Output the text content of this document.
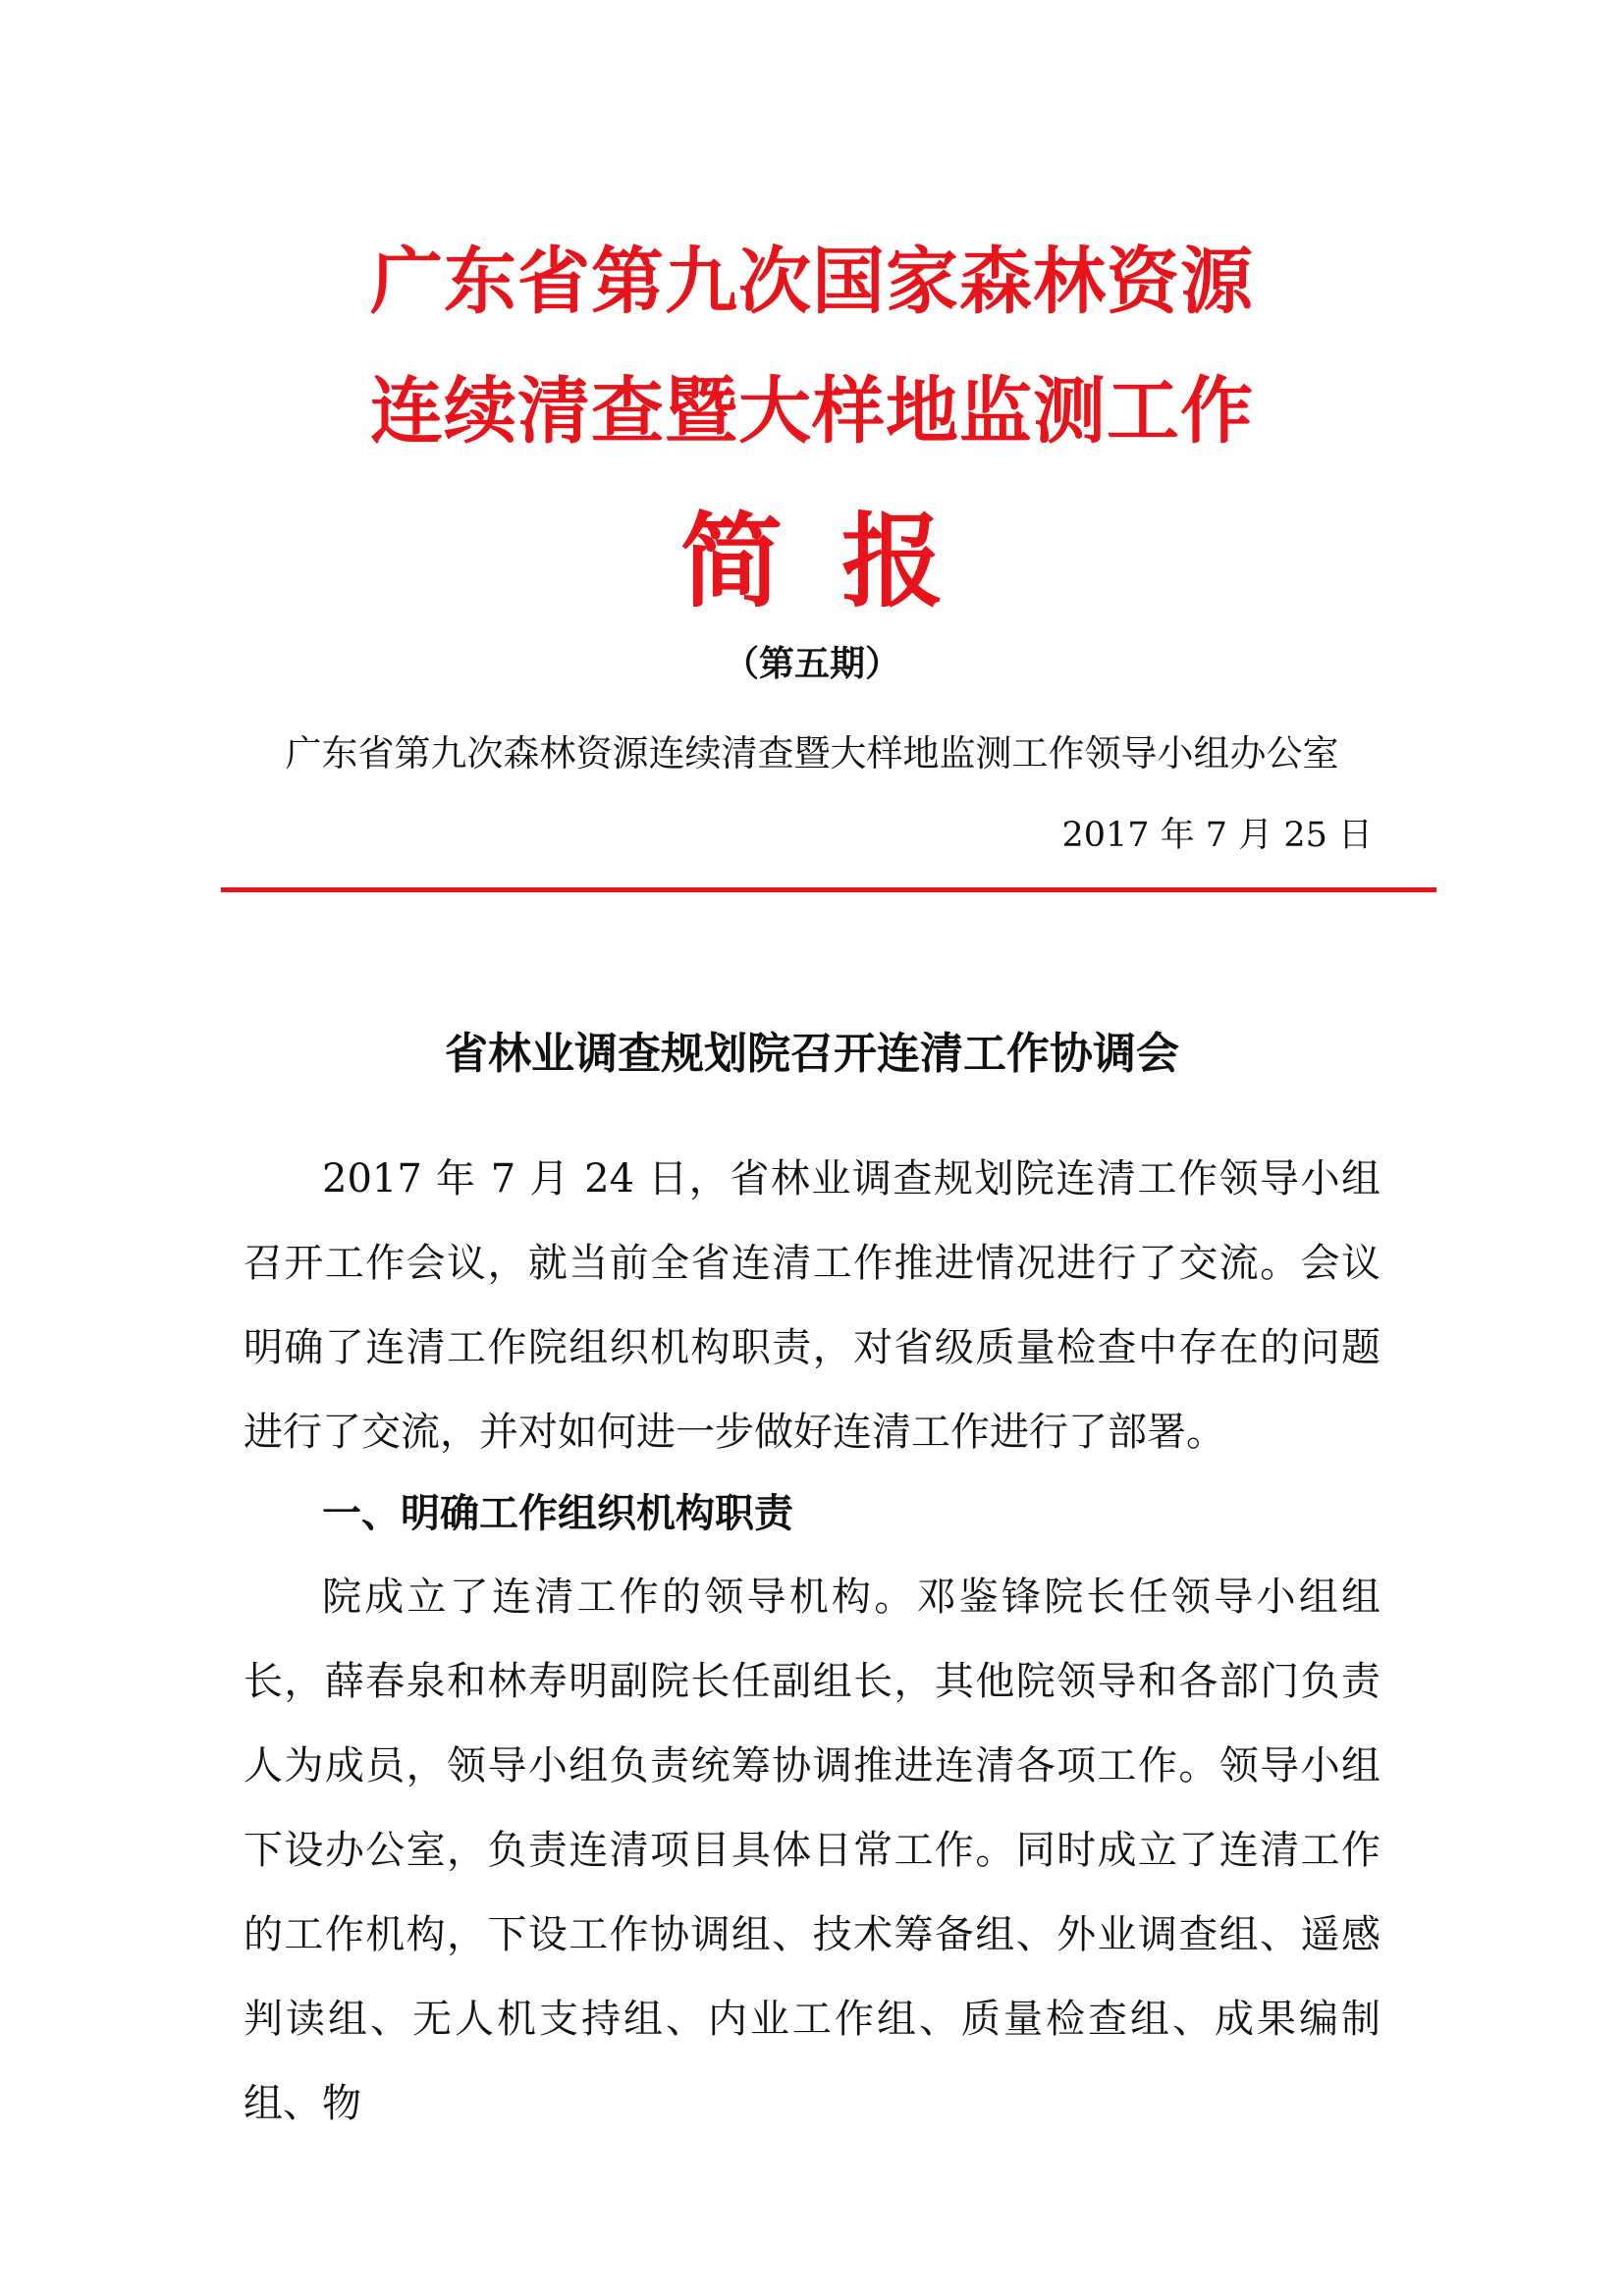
广东省第九次国家森林资源
连续清查暨大样地监测工作
简报
（第五期）
广东省第九次森林资源连续清查暨大样地监测工作领导小组办公室
2017 年 7 月 25 日
省林业调查规划院召开连清工作协调会

2017 年 7 月 24 日，省林业调查规划院连清工作领导小组召开工作会议，就当前全省连清工作推进情况进行了交流。会议明确了连清工作院组织机构职责，对省级质量检查中存在的问题进行了交流，并对如何进一步做好连清工作进行了部署。

一、明确工作组织机构职责

院成立了连清工作的领导机构。邓鉴锋院长任领导小组组长，薛春泉和林寿明副院长任副组长，其他院领导和各部门负责人为成员，领导小组负责统筹协调推进连清各项工作。领导小组下设办公室，负责连清项目具体日常工作。同时成立了连清工作的工作机构，下设工作协调组、技术筹备组、外业调查组、遥感判读组、无人机支持组、内业工作组、质量检查组、成果编制组、物
